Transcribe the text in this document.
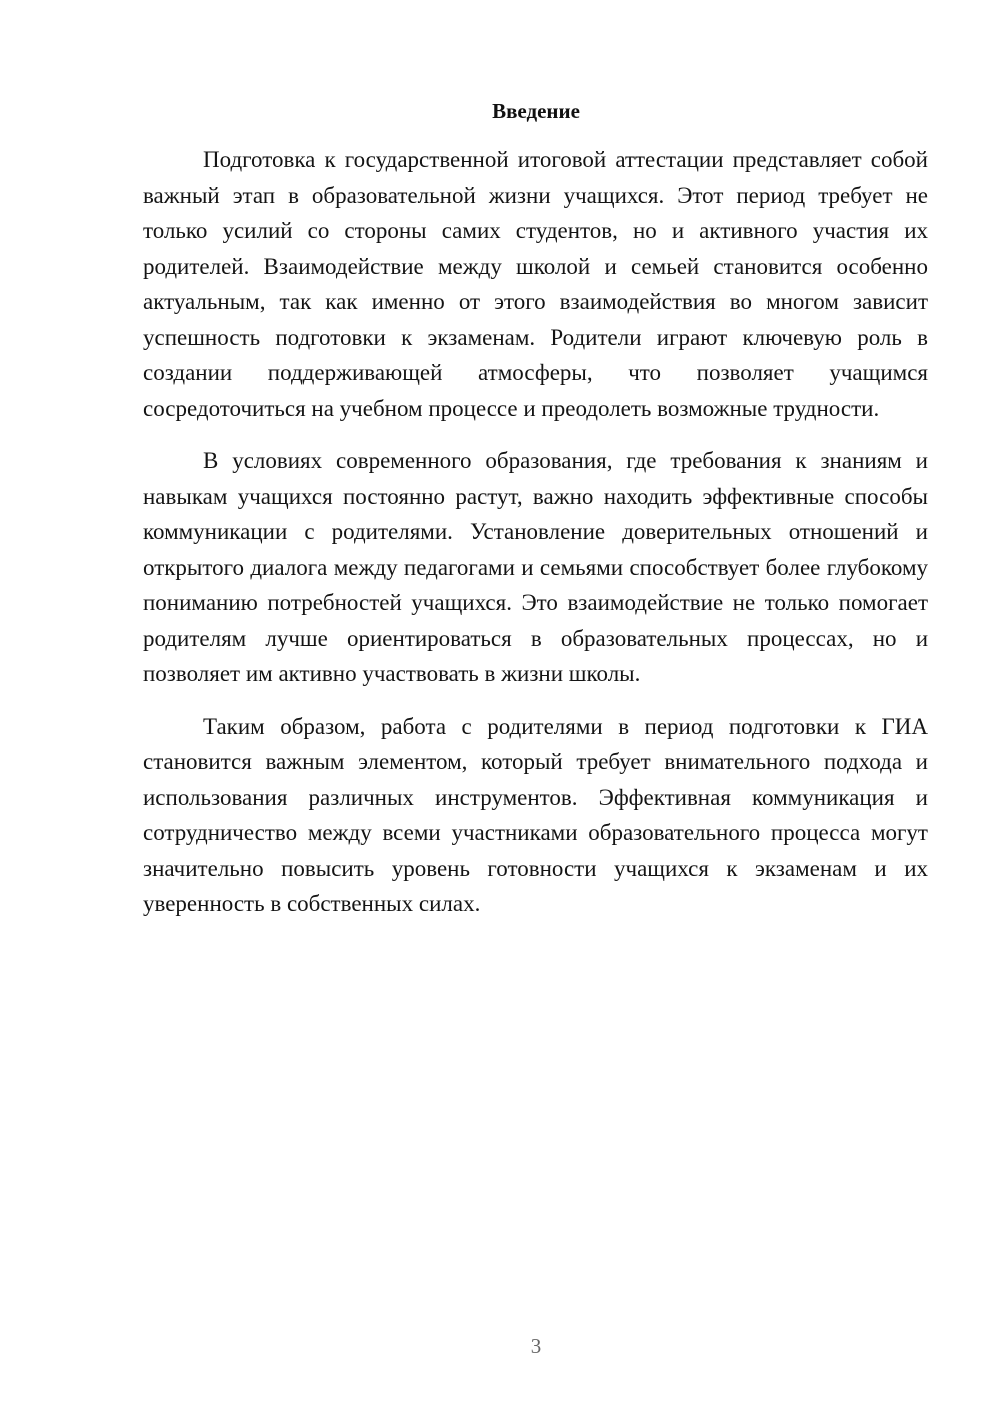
Введение

Подготовка к государственной итоговой аттестации представляет собой важный этап в образовательной жизни учащихся. Этот период требует не только усилий со стороны самих студентов, но и активного участия их родителей. Взаимодействие между школой и семьей становится особенно актуальным, так как именно от этого взаимодействия во многом зависит успешность подготовки к экзаменам. Родители играют ключевую роль в создании поддерживающей атмосферы, что позволяет учащимся сосредоточиться на учебном процессе и преодолеть возможные трудности.

В условиях современного образования, где требования к знаниям и навыкам учащихся постоянно растут, важно находить эффективные способы коммуникации с родителями. Установление доверительных отношений и открытого диалога между педагогами и семьями способствует более глубокому пониманию потребностей учащихся. Это взаимодействие не только помогает родителям лучше ориентироваться в образовательных процессах, но и позволяет им активно участвовать в жизни школы.

Таким образом, работа с родителями в период подготовки к ГИА становится важным элементом, который требует внимательного подхода и использования различных инструментов. Эффективная коммуникация и сотрудничество между всеми участниками образовательного процесса могут значительно повысить уровень готовности учащихся к экзаменам и их уверенность в собственных силах.

3
